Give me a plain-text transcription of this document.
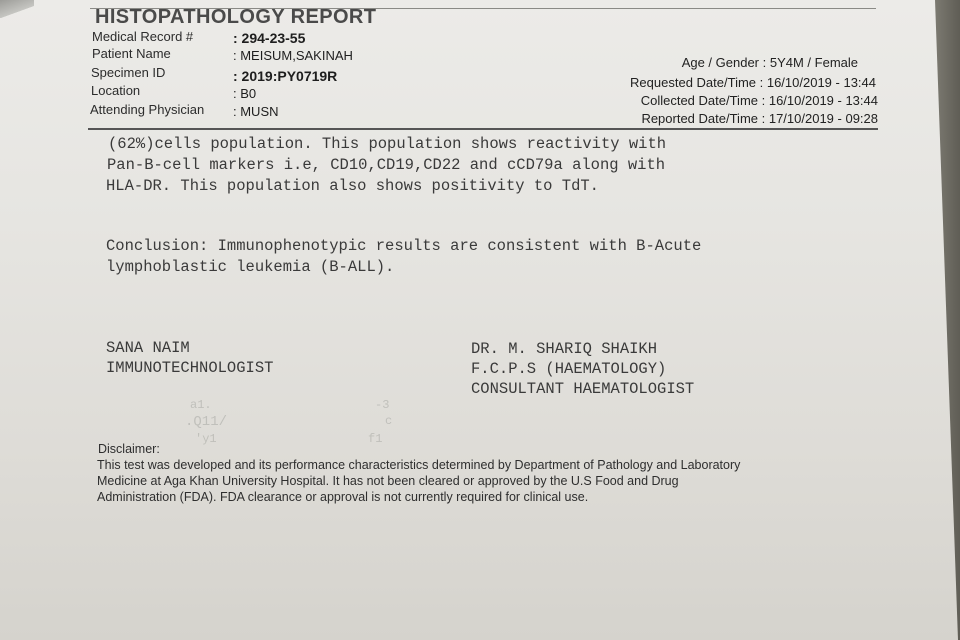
HISTOPATHOLOGY REPORT
Medical Record #	: 294-23-55
Patient Name	: MEISUM,SAKINAH
Specimen ID	: 2019:PY0719R
Location	: B0
Attending Physician : MUSN
Age / Gender : 5Y4M / Female
Requested Date/Time : 16/10/2019 - 13:44
Collected Date/Time : 16/10/2019 - 13:44
Reported Date/Time : 17/10/2019 - 09:28
(62%)cells population. This population shows reactivity with
Pan-B-cell markers i.e, CD10,CD19,CD22 and cCD79a along with
HLA-DR. This population also shows positivity to TdT.
Conclusion: Immunophenotypic results are consistent with B-Acute
lymphoblastic leukemia (B-ALL).
SANA NAIM
IMMUNOTECHNOLOGIST
DR. M. SHARIQ SHAIKH
F.C.P.S (HAEMATOLOGY)
CONSULTANT HAEMATOLOGIST
a1.
.Q11/
'y1
-3
c
f1
Disclaimer:
This test was developed and its performance characteristics determined by Department of Pathology and Laboratory
Medicine at Aga Khan University Hospital. It has not been cleared or approved by the U.S Food and Drug
Administration (FDA). FDA clearance or approval is not currently required for clinical use.
